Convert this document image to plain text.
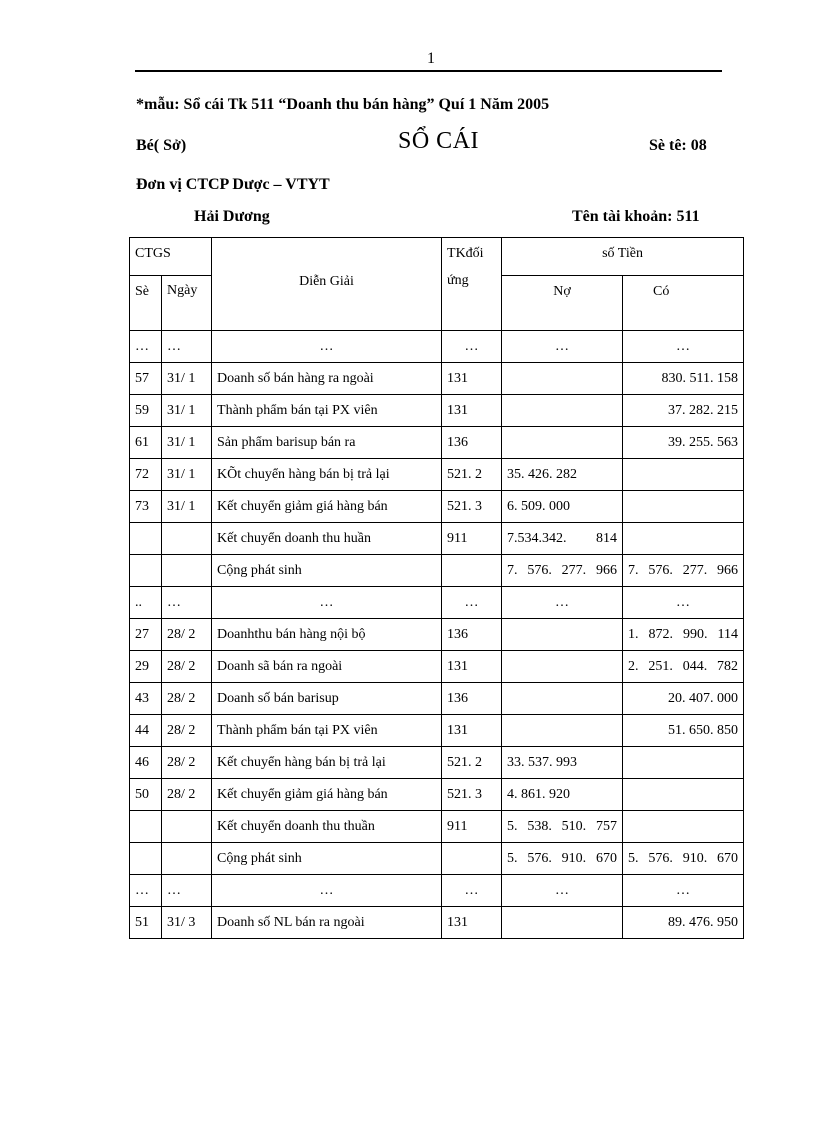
1
*mẫu: Sổ cái Tk 511 “Doanh thu bán hàng” Quí 1 Năm 2005
Bé( Sở)	SỔ CÁI	Sè tê: 08
Đơn vị CTCP Dược – VTYT
Hải Dương	Tên tài khoản: 511
CTGS		Diễn Giải	TKđối ứng	số Tiền	
Sè	Ngày			Nợ	Có
…	…	…	…	…	…
57	31/ 1	Doanh số bán hàng ra ngoài	131		830. 511. 158
59	31/ 1	Thành phẩm bán tại PX viên	131		37. 282. 215
61	31/ 1	Sản phẩm barisup bán ra	136		39. 255. 563
72	31/ 1	KÕt chuyển hàng bán bị trả lại	521. 2	35. 426. 282	
73	31/ 1	Kết chuyển giảm giá hàng bán	521. 3	6. 509. 000	
		Kết chuyển doanh thu huần	911	7.534.342. 814	
		Cộng phát sinh		7. 576. 277. 966	7. 576. 277. 966
..	…	…	…	…	…
27	28/ 2	Doanhthu bán hàng nội bộ	136		1. 872. 990. 114
29	28/ 2	Doanh sã bán ra ngoài	131		2. 251. 044. 782
43	28/ 2	Doanh số bán barisup	136		20. 407. 000
44	28/ 2	Thành phẩm bán tại PX viên	131		51. 650. 850
46	28/ 2	Kết chuyển hàng bán bị trả lại	521. 2	33. 537. 993	
50	28/ 2	Kết chuyển giảm giá hàng bán	521. 3	4. 861. 920	
		Kết chuyển doanh thu thuần	911	5. 538. 510. 757	
		Cộng phát sinh		5. 576. 910. 670	5. 576. 910. 670
…	…	…	…	…	…
51	31/ 3	Doanh số NL bán ra ngoài	131		89. 476. 950
